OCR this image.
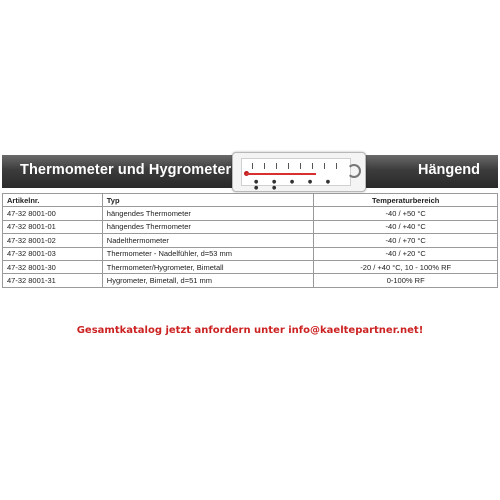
Thermometer und Hygrometer	Hängend
● ● ● ● ● ● ●
Artikelnr.	Typ	Temperaturbereich
47-32 8001-00	hängendes Thermometer	-40 / +50 °C
47-32 8001-01	hängendes Thermometer	-40 / +40 °C
47-32 8001-02	Nadelthermometer	-40 / +70 °C
47-32 8001-03	Thermometer - Nadelfühler, d=53 mm	-40 / +20 °C
47-32 8001-30	Thermometer/Hygrometer, Bimetall	-20 / +40 °C, 10 - 100% RF
47-32 8001-31	Hygrometer, Bimetall, d=51 mm	0-100% RF
Gesamtkatalog jetzt anfordern unter info@kaeltepartner.net!
